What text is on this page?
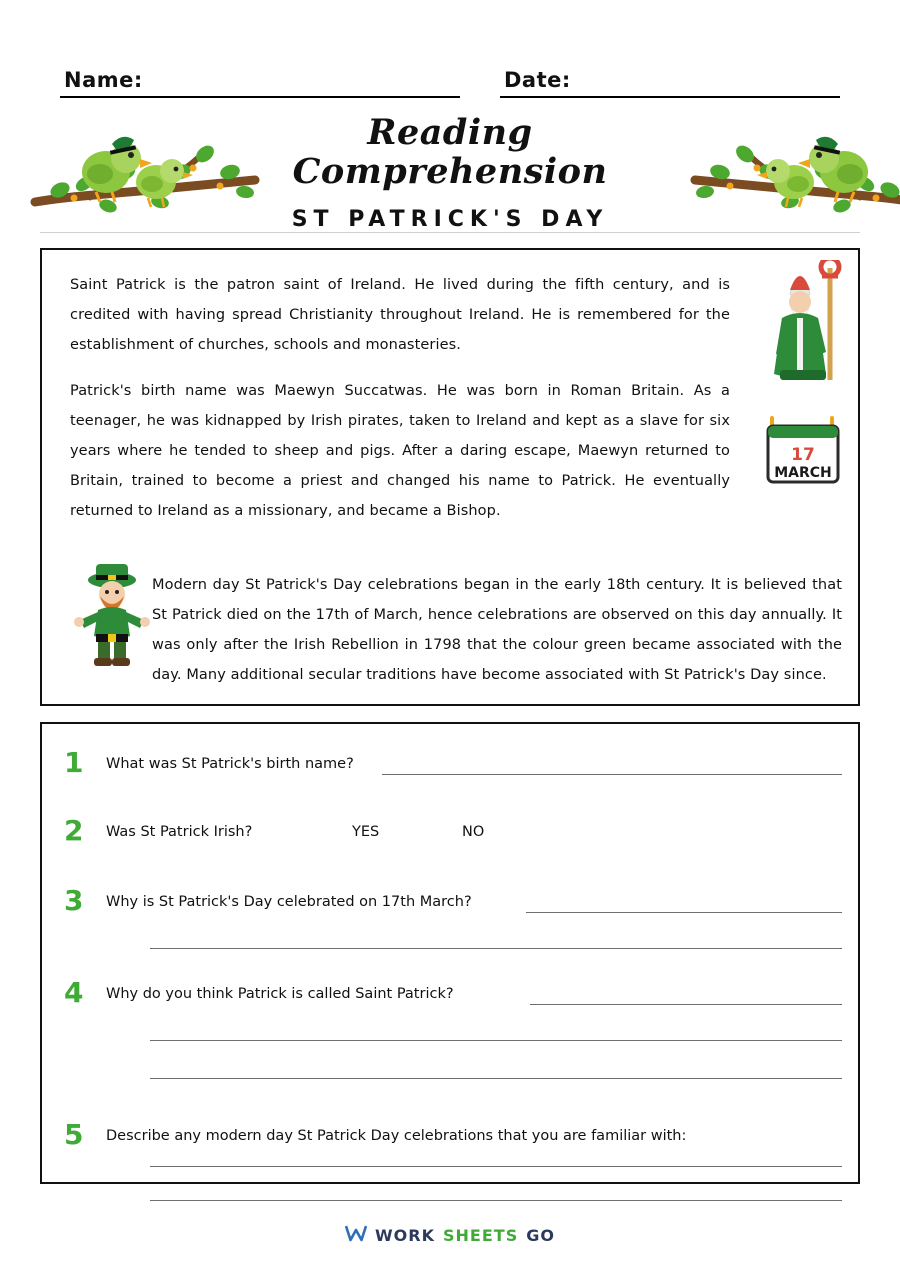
Name:	Date:
Reading Comprehension
ST PATRICK'S DAY

Saint Patrick is the patron saint of Ireland. He lived during the fifth century, and is credited with having spread Christianity throughout Ireland. He is remembered for the establishment of churches, schools and monasteries.

Patrick's birth name was Maewyn Succatwas. He was born in Roman Britain. As a teenager, he was kidnapped by Irish pirates, taken to Ireland and kept as a slave for six years where he tended to sheep and pigs. After a daring escape, Maewyn returned to Britain, trained to become a priest and changed his name to Patrick. He eventually returned to Ireland as a missionary, and became a Bishop.

Modern day St Patrick's Day celebrations began in the early 18th century. It is believed that St Patrick died on the 17th of March, hence celebrations are observed on this day annually. It was only after the Irish Rebellion in 1798 that the colour green became associated with the day. Many additional secular traditions have become associated with St Patrick's Day since.

17
MARCH
1 What was St Patrick's birth name?
2 Was St Patrick Irish?	YES	NO
3 Why is St Patrick's Day celebrated on 17th March?
4 Why do you think Patrick is called Saint Patrick?
5 Describe any modern day St Patrick Day celebrations that you are familiar with:
WORK SHEETS GO
